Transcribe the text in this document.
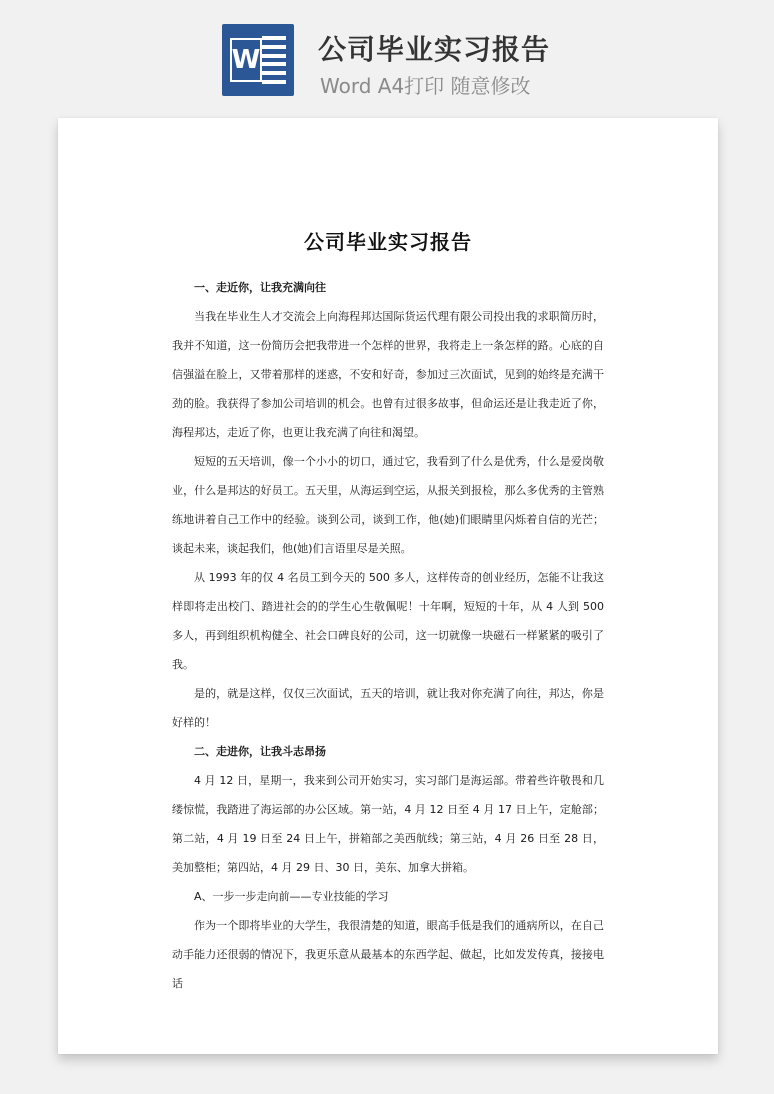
W 公司毕业实习报告
Word A4打印 随意修改
公司毕业实习报告

一、走近你，让我充满向往

当我在毕业生人才交流会上向海程邦达国际货运代理有限公司投出我的求职简历时，我并不知道，这一份简历会把我带进一个怎样的世界，我将走上一条怎样的路。心底的自信强溢在脸上，又带着那样的迷惑，不安和好奇，参加过三次面试，见到的始终是充满干劲的脸。我获得了参加公司培训的机会。也曾有过很多故事，但命运还是让我走近了你，海程邦达，走近了你，也更让我充满了向往和渴望。

短短的五天培训，像一个小小的切口，通过它，我看到了什么是优秀，什么是爱岗敬业，什么是邦达的好员工。五天里，从海运到空运，从报关到报检，那么多优秀的主管熟练地讲着自己工作中的经验。谈到公司，谈到工作，他(她)们眼睛里闪烁着自信的光芒；谈起未来，谈起我们，他(她)们言语里尽是关照。

从 1993 年的仅 4 名员工到今天的 500 多人，这样传奇的创业经历，怎能不让我这样即将走出校门、踏进社会的的学生心生敬佩呢！十年啊，短短的十年，从 4 人到 500 多人，再到组织机构健全、社会口碑良好的公司，这一切就像一块磁石一样紧紧的吸引了我。

是的，就是这样，仅仅三次面试，五天的培训，就让我对你充满了向往，邦达，你是好样的！

二、走进你，让我斗志昂扬

4 月 12 日，星期一，我来到公司开始实习，实习部门是海运部。带着些许敬畏和几缕惊慌，我踏进了海运部的办公区域。第一站，4 月 12 日至 4 月 17 日上午，定舱部；第二站，4 月 19 日至 24 日上午，拼箱部之美西航线；第三站，4 月 26 日至 28 日，美加整柜；第四站，4 月 29 日、30 日，美东、加拿大拼箱。

A、一步一步走向前——专业技能的学习

作为一个即将毕业的大学生，我很清楚的知道，眼高手低是我们的通病所以，在自己动手能力还很弱的情况下，我更乐意从最基本的东西学起、做起，比如发发传真，接接电话
